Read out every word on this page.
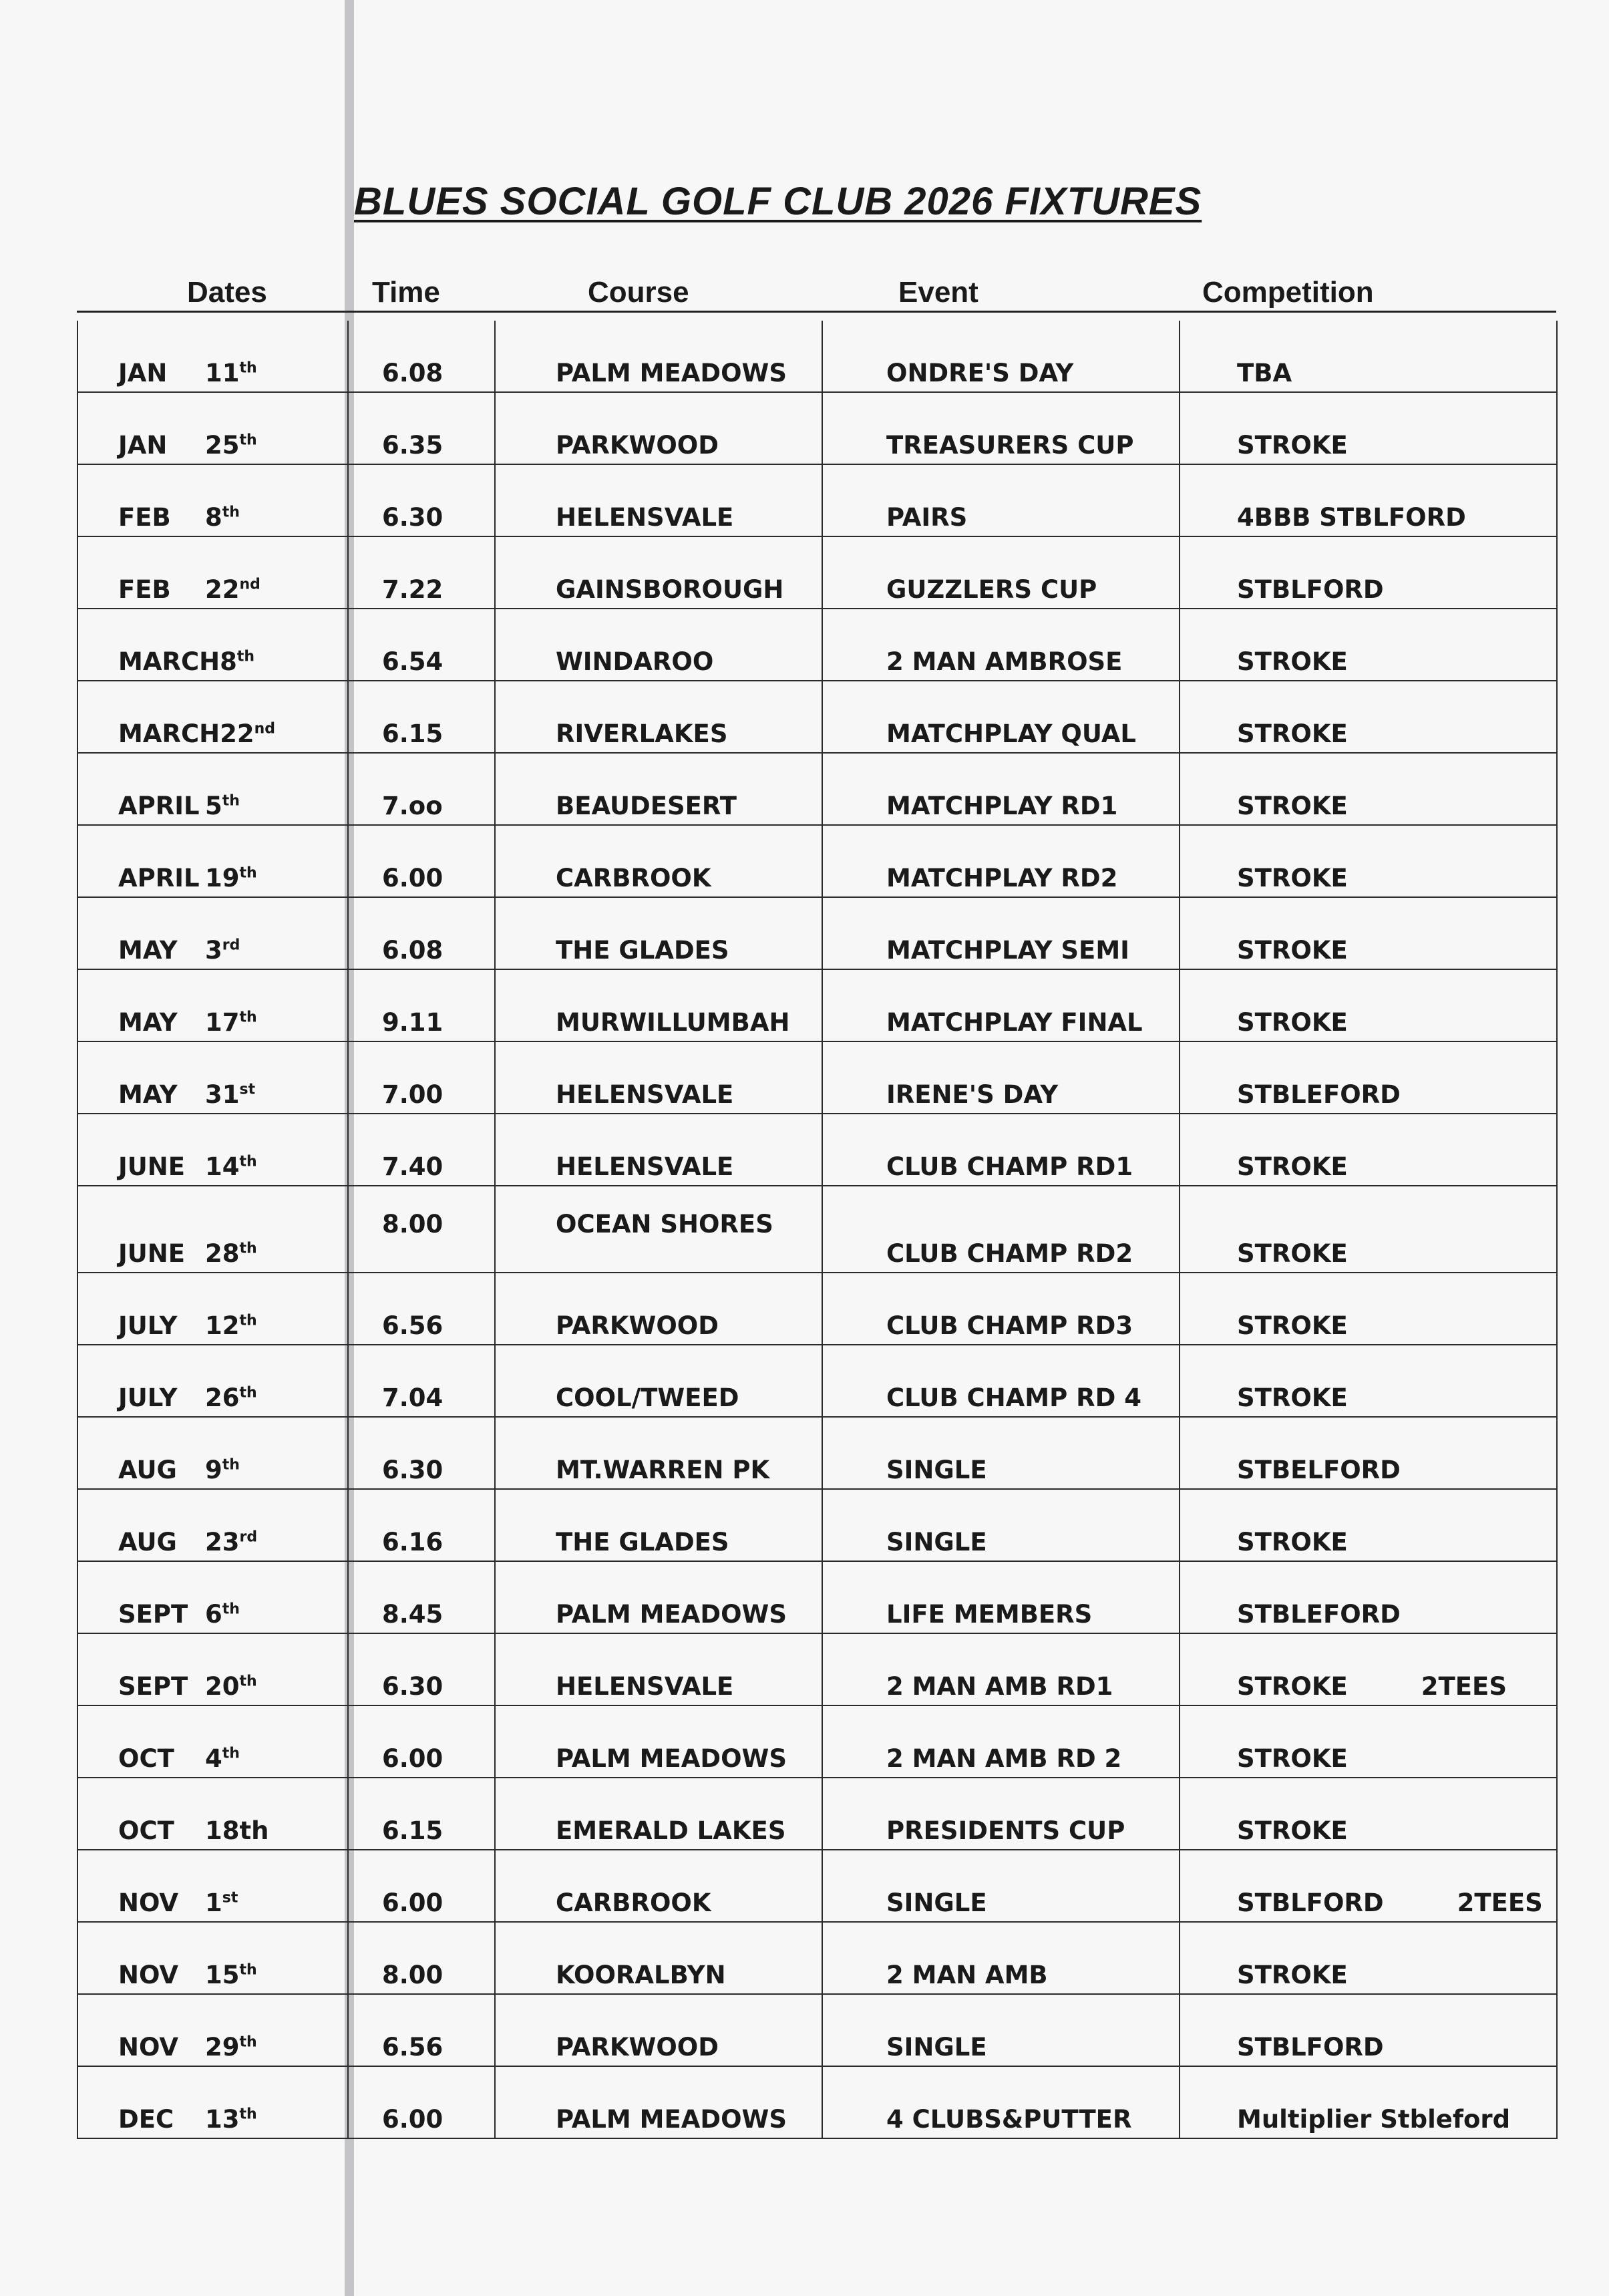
BLUES SOCIAL GOLF CLUB 2026 FIXTURES
Dates	Time	Course	Event	Competition
JAN 11th	6.08	PALM MEADOWS	ONDRE'S DAY	TBA
JAN 25th	6.35	PARKWOOD	TREASURERS CUP	STROKE
FEB 8th	6.30	HELENSVALE	PAIRS	4BBB STBLFORD
FEB 22nd	7.22	GAINSBOROUGH	GUZZLERS CUP	STBLFORD
MARCH8th	6.54	WINDAROO	2 MAN AMBROSE	STROKE
MARCH22nd	6.15	RIVERLAKES	MATCHPLAY QUAL	STROKE
APRIL 5th	7.oo	BEAUDESERT	MATCHPLAY RD1	STROKE
APRIL 19th	6.00	CARBROOK	MATCHPLAY RD2	STROKE
MAY 3rd	6.08	THE GLADES	MATCHPLAY SEMI	STROKE
MAY 17th	9.11	MURWILLUMBAH	MATCHPLAY FINAL	STROKE
MAY 31st	7.00	HELENSVALE	IRENE'S DAY	STBLEFORD
JUNE 14th	7.40	HELENSVALE	CLUB CHAMP RD1	STROKE
JUNE 28th	8.00	OCEAN SHORES	CLUB CHAMP RD2	STROKE
JULY 12th	6.56	PARKWOOD	CLUB CHAMP RD3	STROKE
JULY 26th	7.04	COOL/TWEED	CLUB CHAMP RD 4	STROKE
AUG 9th	6.30	MT.WARREN PK	SINGLE	STBELFORD
AUG 23rd	6.16	THE GLADES	SINGLE	STROKE
SEPT 6th	8.45	PALM MEADOWS	LIFE MEMBERS	STBLEFORD
SEPT 20th	6.30	HELENSVALE	2 MAN AMB RD1	STROKE 2TEES
OCT 4th	6.00	PALM MEADOWS	2 MAN AMB RD 2	STROKE
OCT 18th	6.15	EMERALD LAKES	PRESIDENTS CUP	STROKE
NOV 1st	6.00	CARBROOK	SINGLE	STBLFORD 2TEES
NOV 15th	8.00	KOORALBYN	2 MAN AMB	STROKE
NOV 29th	6.56	PARKWOOD	SINGLE	STBLFORD
DEC 13th	6.00	PALM MEADOWS	4 CLUBS&PUTTER	Multiplier Stbleford
